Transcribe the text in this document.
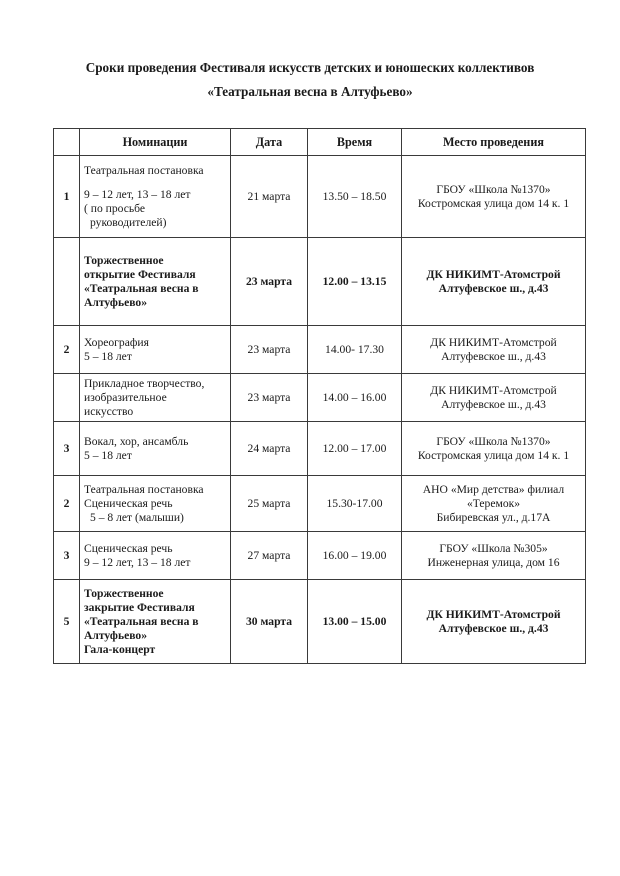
Сроки проведения Фестиваля искусств детских и юношеских коллективов
«Театральная весна в Алтуфьево»
	Номинации	Дата	Время	Место проведения
1	Театральная постановка
9 – 12 лет, 13 – 18 лет
( по просьбе
руководителей)	21 марта	13.50 – 18.50	ГБОУ «Школа №1370»
Костромская улица дом 14 к. 1

	Торжественное
открытие Фестиваля
«Театральная весна в
Алтуфьево»	23 марта	12.00 – 13.15	ДК НИКИМТ-Атомстрой
Алтуфевское ш., д.43

2	Хореография
5 – 18 лет	23 марта	14.00- 17.30	ДК НИКИМТ-Атомстрой
Алтуфевское ш., д.43

	Прикладное творчество,
изобразительное
искусство	23 марта	14.00 – 16.00	ДК НИКИМТ-Атомстрой
Алтуфевское ш., д.43

3	Вокал, хор, ансамбль
5 – 18 лет	24 марта	12.00 – 17.00	ГБОУ «Школа №1370»
Костромская улица дом 14 к. 1

2	Театральная постановка
Сценическая речь
5 – 8 лет (малыши)	25 марта	15.30-17.00	АНО «Мир детства» филиал
«Теремок»
Бибиревская ул., д.17А

3	Сценическая речь
9 – 12 лет, 13 – 18 лет	27 марта	16.00 – 19.00	ГБОУ «Школа №305»
Инженерная улица, дом 16

5	Торжественное
закрытие Фестиваля
«Театральная весна в
Алтуфьево»
Гала-концерт	30 марта	13.00 – 15.00	ДК НИКИМТ-Атомстрой
Алтуфевское ш., д.43
